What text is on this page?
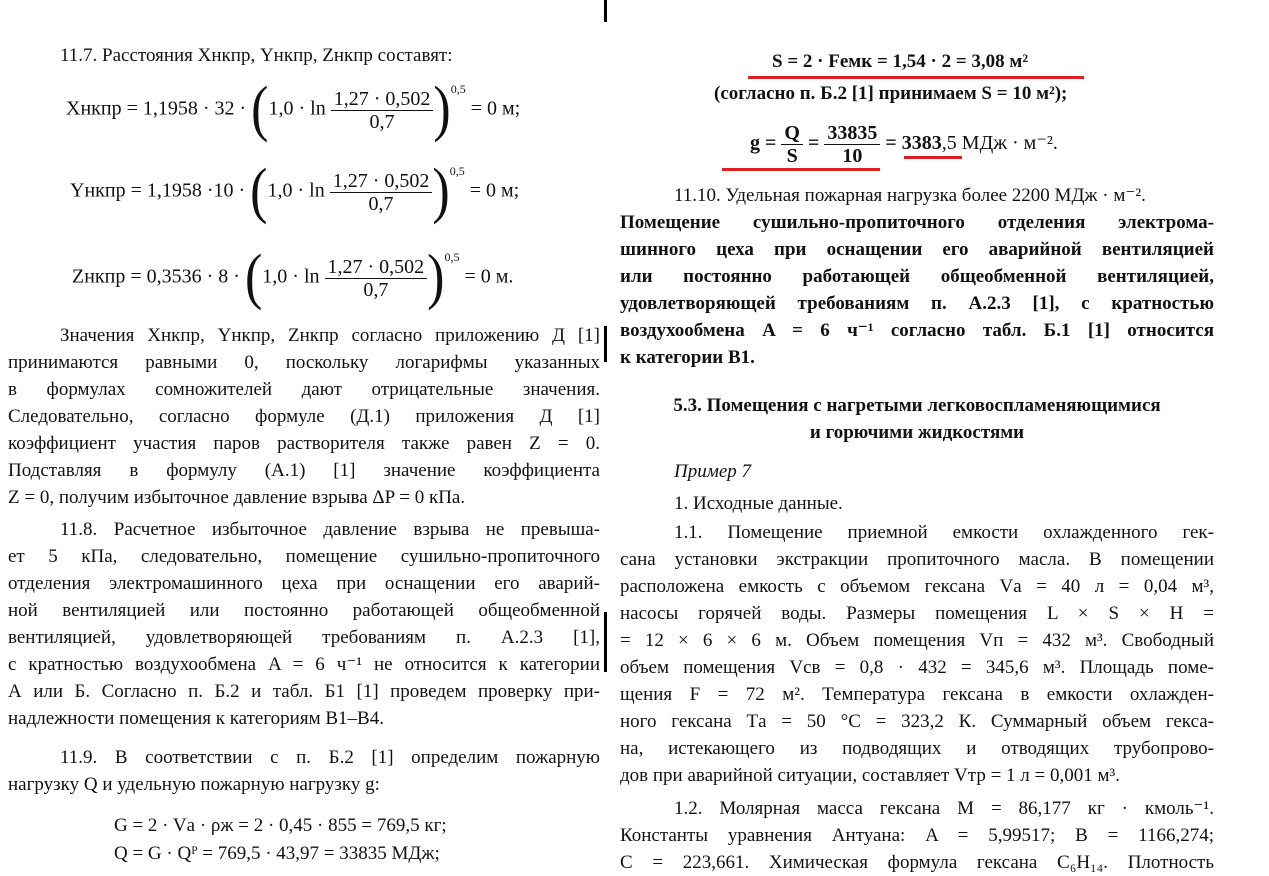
11.7. Расстояния Xнкпр, Yнкпр, Zнкпр составят:
Xнкпр = $1,1958 \cdot 32 \cdot (1,0 \cdot \ln \frac{1,27 \cdot 0,502}{0,7} )^{0,5} = 0$ м;
Yнкпр = $1,1958 \cdot 10 \cdot (1,0 \cdot \ln \frac{1,27 \cdot 0,502}{0,7} )^{0,5} = 0$ м;
Zнкпр = $0,3536 \cdot 8 \cdot (1,0 \cdot \ln \frac{1,27 \cdot 0,502}{0,7} )^{0,5} = 0$ м.
Значения Xнкпр, Yнкпр, Zнкпр согласно приложению Д [1]
принимаются равными 0, поскольку логарифмы указанных
в формулах сомножителей дают отрицательные значения.
Следовательно, согласно формуле (Д.1) приложения Д [1]
коэффициент участия паров растворителя также равен Z = 0.
Подставляя в формулу (А.1) [1] значение коэффициента
Z = 0, получим избыточное давление взрыва ΔP = 0 кПа.
11.8. Расчетное избыточное давление взрыва не превыша-
ет 5 кПа, следовательно, помещение сушильно-пропиточного
отделения электромашинного цеха при оснащении его аварий-
ной вентиляцией или постоянно работающей общеобменной
вентиляцией, удовлетворяющей требованиям п. А.2.3 [1],
с кратностью воздухообмена A = 6 ч⁻¹ не относится к категории
А или Б. Согласно п. Б.2 и табл. Б1 [1] проведем проверку при-
надлежности помещения к категориям В1–В4.
11.9. В соответствии с п. Б.2 [1] определим пожарную
нагрузку Q и удельную пожарную нагрузку g:
G = 2 · Vа · ρж = 2 · 0,45 · 855 = 769,5 кг;
Q = G · Qᴾ = 769,5 · 43,97 = 33835 МДж;
S = 2 · Fемк = 1,54 · 2 = 3,08 м²
(согласно п. Б.2 [1] принимаем S = 10 м²);
$g = \frac{Q}{S} = \frac{33835}{10} = 3383,5$ МДж · м⁻².
11.10. Удельная пожарная нагрузка более 2200 МДж · м⁻².
Помещение сушильно-пропиточного отделения электрома-
шинного цеха при оснащении его аварийной вентиляцией
или постоянно работающей общеобменной вентиляцией,
удовлетворяющей требованиям п. А.2.3 [1], с кратностью
воздухообмена A = 6 ч⁻¹ согласно табл. Б.1 [1] относится
к категории В1.
5.3. Помещения с нагретыми легковоспламеняющимися
и горючими жидкостями
Пример 7
1. Исходные данные.
1.1. Помещение приемной емкости охлажденного гек-
сана установки экстракции пропиточного масла. В помещении
расположена емкость с объемом гексана Vа = 40 л = 0,04 м³,
насосы горячей воды. Размеры помещения L × S × H =
= 12 × 6 × 6 м. Объем помещения Vп = 432 м³. Свободный
объем помещения Vсв = 0,8 · 432 = 345,6 м³. Площадь поме-
щения F = 72 м². Температура гексана в емкости охлажден-
ного гексана Tа = 50 °C = 323,2 К. Суммарный объем гекса-
на, истекающего из подводящих и отводящих трубопрово-
дов при аварийной ситуации, составляет Vтр = 1 л = 0,001 м³.
1.2. Молярная масса гексана M = 86,177 кг · кмоль⁻¹.
Константы уравнения Антуана: A = 5,99517; B = 1166,274;
C = 223,661. Химическая формула гексана C₆H₁₄. Плотность
